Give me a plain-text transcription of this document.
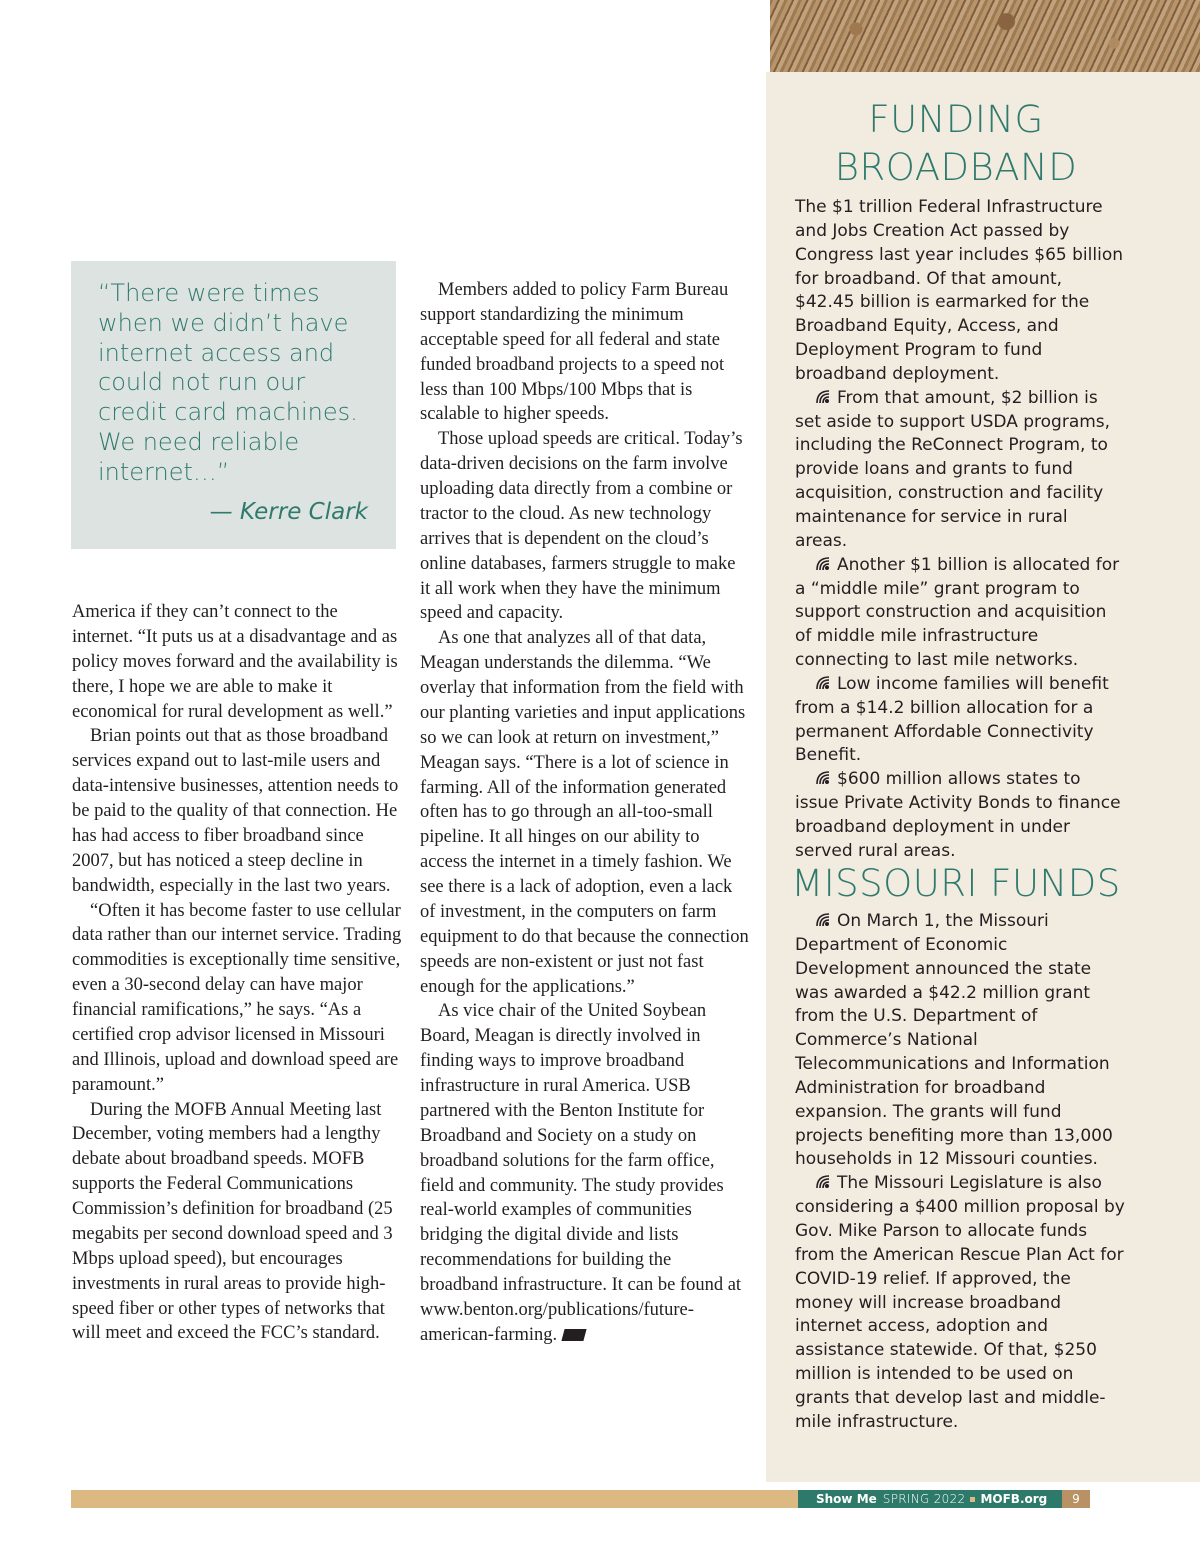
“There were times when we didn’t have internet access and could not run our credit card machines. We need reliable internet…”
— Kerre Clark

America if they can’t connect to the internet. “It puts us at a disadvantage and as policy moves forward and the availability is there, I hope we are able to make it economical for rural development as well.”

Brian points out that as those broadband services expand out to last-mile users and data-intensive businesses, attention needs to be paid to the quality of that connection. He has had access to fiber broadband since 2007, but has noticed a steep decline in bandwidth, especially in the last two years.

“Often it has become faster to use cellular data rather than our internet service. Trading commodities is exceptionally time sensitive, even a 30-second delay can have major financial ramifications,” he says. “As a certified crop advisor licensed in Missouri and Illinois, upload and download speed are paramount.”

During the MOFB Annual Meeting last December, voting members had a lengthy debate about broadband speeds. MOFB supports the Federal Communications Commission’s definition for broadband (25 megabits per second download speed and 3 Mbps upload speed), but encourages investments in rural areas to provide high-speed fiber or other types of networks that will meet and exceed the FCC’s standard.

Members added to policy Farm Bureau support standardizing the minimum acceptable speed for all federal and state funded broadband projects to a speed not less than 100 Mbps/100 Mbps that is scalable to higher speeds.

Those upload speeds are critical. Today’s data-driven decisions on the farm involve uploading data directly from a combine or tractor to the cloud. As new technology arrives that is dependent on the cloud’s online databases, farmers struggle to make it all work when they have the minimum speed and capacity.

As one that analyzes all of that data, Meagan understands the dilemma. “We overlay that information from the field with our planting varieties and input applications so we can look at return on investment,” Meagan says. “There is a lot of science in farming. All of the information generated often has to go through an all-too-small pipeline. It all hinges on our ability to access the internet in a timely fashion. We see there is a lack of adoption, even a lack of investment, in the computers on farm equipment to do that because the connection speeds are non-existent or just not fast enough for the applications.”

As vice chair of the United Soybean Board, Meagan is directly involved in finding ways to improve broadband infrastructure in rural America. USB partnered with the Benton Institute for Broadband and Society on a study on broadband solutions for the farm office, field and community. The study provides real-world examples of communities bridging the digital divide and lists recommendations for building the broadband infrastructure. It can be found at www.benton.org/publications/future-american-farming.

FUNDING
BROADBAND

The $1 trillion Federal Infrastructure and Jobs Creation Act passed by Congress last year includes $65 billion for broadband. Of that amount, $42.45 billion is earmarked for the Broadband Equity, Access, and Deployment Program to fund broadband deployment.

From that amount, $2 billion is set aside to support USDA programs, including the ReConnect Program, to provide loans and grants to fund acquisition, construction and facility maintenance for service in rural areas.

Another $1 billion is allocated for a “middle mile” grant program to support construction and acquisition of middle mile infrastructure connecting to last mile networks.

Low income families will benefit from a $14.2 billion allocation for a permanent Affordable Connectivity Benefit.

$600 million allows states to issue Private Activity Bonds to finance broadband deployment in under served rural areas.

MISSOURI FUNDS

On March 1, the Missouri Department of Economic Development announced the state was awarded a $42.2 million grant from the U.S. Department of Commerce’s National Telecommunications and Information Administration for broadband expansion. The grants will fund projects benefiting more than 13,000 households in 12 Missouri counties.

The Missouri Legislature is also considering a $400 million proposal by Gov. Mike Parson to allocate funds from the American Rescue Plan Act for COVID-19 relief. If approved, the money will increase broadband internet access, adoption and assistance statewide. Of that, $250 million is intended to be used on grants that develop last and middle-mile infrastructure.

Show Me SPRING 2022 MOFB.org	9
